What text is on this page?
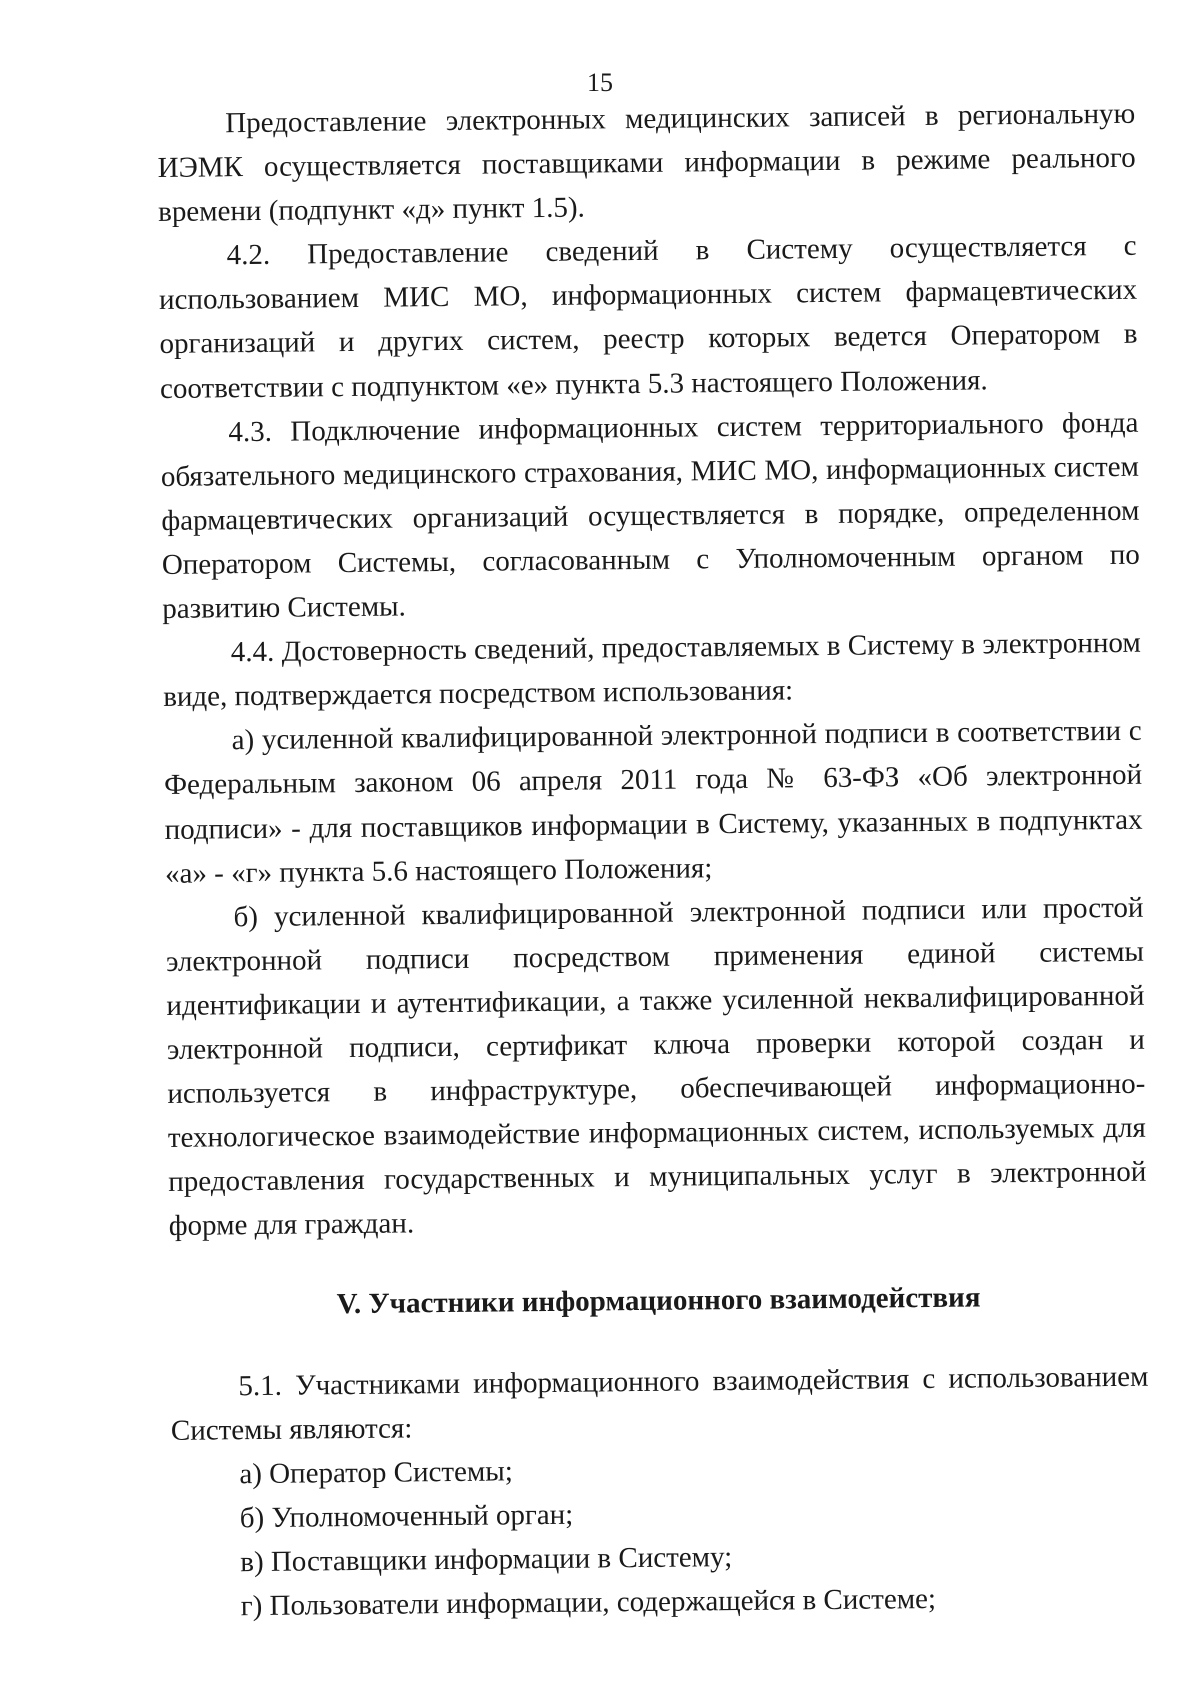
15

Предоставление электронных медицинских записей в региональную ИЭМК осуществляется поставщиками информации в режиме реального времени (подпункт «д» пункт 1.5).

4.2. Предоставление сведений в Систему осуществляется с использованием МИС МО, информационных систем фармацевтических организаций и других систем, реестр которых ведется Оператором в соответствии с подпунктом «е» пункта 5.3 настоящего Положения.

4.3. Подключение информационных систем территориального фонда обязательного медицинского страхования, МИС МО, информационных систем фармацевтических организаций осуществляется в порядке, определенном Оператором Системы, согласованным с Уполномоченным органом по развитию Системы.

4.4. Достоверность сведений, предоставляемых в Систему в электронном виде, подтверждается посредством использования:

а) усиленной квалифицированной электронной подписи в соответствии с Федеральным законом 06 апреля 2011 года № 63-ФЗ «Об электронной подписи» - для поставщиков информации в Систему, указанных в подпунктах «а» - «г» пункта 5.6 настоящего Положения;

б) усиленной квалифицированной электронной подписи или простой электронной подписи посредством применения единой системы идентификации и аутентификации, а также усиленной неквалифицированной электронной подписи, сертификат ключа проверки которой создан и используется в инфраструктуре, обеспечивающей информационно-технологическое взаимодействие информационных систем, используемых для предоставления государственных и муниципальных услуг в электронной форме для граждан.

V. Участники информационного взаимодействия

5.1. Участниками информационного взаимодействия с использованием Системы являются:

а) Оператор Системы;

б) Уполномоченный орган;

в) Поставщики информации в Систему;

г) Пользователи информации, содержащейся в Системе;
